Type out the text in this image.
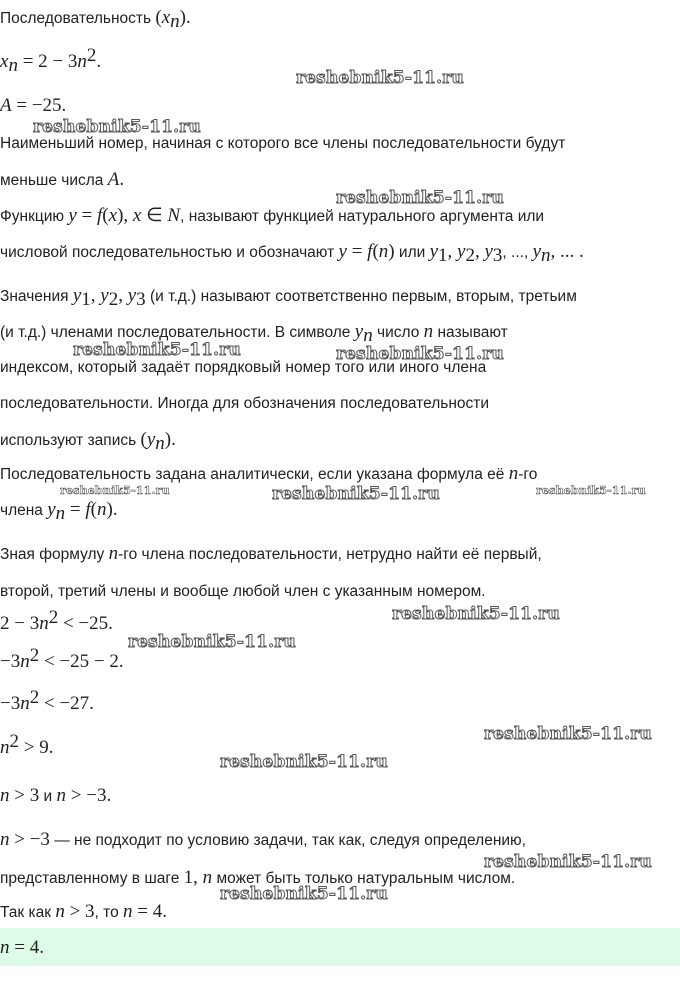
Последовательность $(x_n)$.
$x_n = 2 - 3n^2$.
A = −25.
Наименьший номер, начиная с которого все члены последовательности будут
меньше числа A.
Функцию y = f(x), x ∈ N, называют функцией натурального аргумента или
числовой последовательностью и обозначают y = f(n) или $y_1$, $y_2$, $y_3$, ..., $y_n$, ... .
Значения $y_1$, $y_2$, $y_3$ (и т.д.) называют соответственно первым, вторым, третьим
(и т.д.) членами последовательности. В символе $y_n$ число n называют
индексом, который задаёт порядковый номер того или иного члена
последовательности. Иногда для обозначения последовательности
используют запись $(y_n)$.
Последовательность задана аналитически, если указана формула её n-го
члена $y_n = f(n)$.
Зная формулу n-го члена последовательности, нетрудно найти её первый,
второй, третий члены и вообще любой член с указанным номером.
$2 - 3n^2 < -25$.
$-3n^2 < -25 - 2$.
$-3n^2 < -27$.
$n^2 > 9$.
n > 3 и n > −3.
n > −3 — не подходит по условию задачи, так как, следуя определению,
представленному в шаге 1, n может быть только натуральным числом.
Так как n > 3, то n = 4.
n = 4.
reshebnik5-11.ru
reshebnik5-11.ru
reshebnik5-11.ru
reshebnik5-11.ru	reshebnik5-11.ru
reshebnik5-11.ru	reshebnik5-11.ru	reshebnik5-11.ru
reshebnik5-11.ru
reshebnik5-11.ru
reshebnik5-11.ru
reshebnik5-11.ru
reshebnik5-11.ru
reshebnik5-11.ru
